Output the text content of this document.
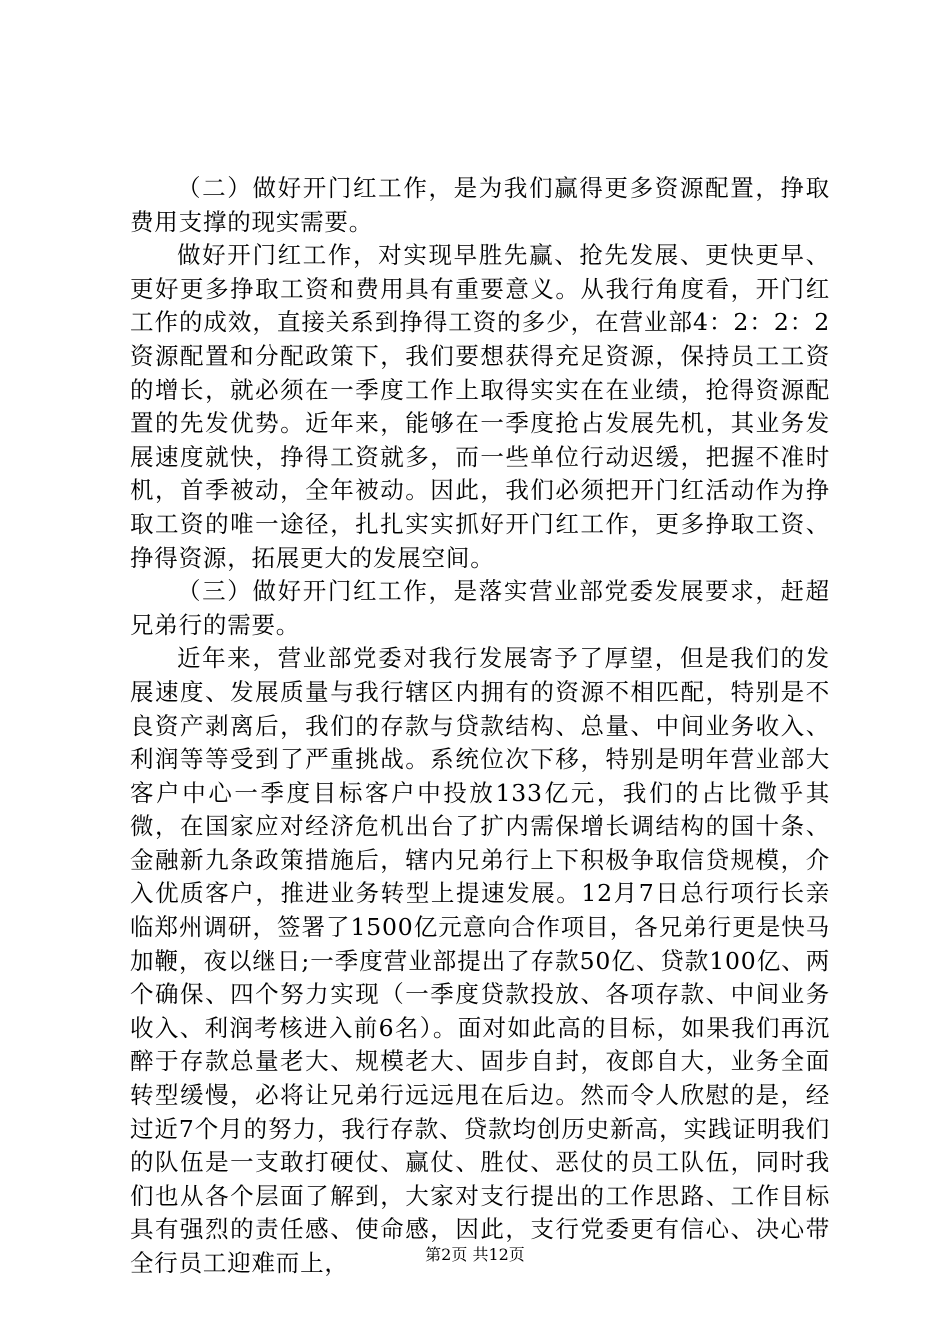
（二）做好开门红工作，是为我们赢得更多资源配置，挣取费用支撑的现实需要。

做好开门红工作，对实现早胜先赢、抢先发展、更快更早、更好更多挣取工资和费用具有重要意义。从我行角度看，开门红工作的成效，直接关系到挣得工资的多少，在营业部4：2：2：2资源配置和分配政策下，我们要想获得充足资源，保持员工工资的增长，就必须在一季度工作上取得实实在在业绩，抢得资源配置的先发优势。近年来，能够在一季度抢占发展先机，其业务发展速度就快，挣得工资就多，而一些单位行动迟缓，把握不准时机，首季被动，全年被动。因此，我们必须把开门红活动作为挣取工资的唯一途径，扎扎实实抓好开门红工作，更多挣取工资、挣得资源，拓展更大的发展空间。

（三）做好开门红工作，是落实营业部党委发展要求，赶超兄弟行的需要。

近年来，营业部党委对我行发展寄予了厚望，但是我们的发展速度、发展质量与我行辖区内拥有的资源不相匹配，特别是不良资产剥离后，我们的存款与贷款结构、总量、中间业务收入、利润等等受到了严重挑战。系统位次下移，特别是明年营业部大客户中心一季度目标客户中投放133亿元，我们的占比微乎其微，在国家应对经济危机出台了扩内需保增长调结构的国十条、金融新九条政策措施后，辖内兄弟行上下积极争取信贷规模，介入优质客户，推进业务转型上提速发展。12月7日总行项行长亲临郑州调研，签署了1500亿元意向合作项目，各兄弟行更是快马加鞭，夜以继日;一季度营业部提出了存款50亿、贷款100亿、两个确保、四个努力实现（一季度贷款投放、各项存款、中间业务收入、利润考核进入前6名）。面对如此高的目标，如果我们再沉醉于存款总量老大、规模老大、固步自封，夜郎自大，业务全面转型缓慢，必将让兄弟行远远甩在后边。然而令人欣慰的是，经过近7个月的努力，我行存款、贷款均创历史新高，实践证明我们的队伍是一支敢打硬仗、赢仗、胜仗、恶仗的员工队伍，同时我们也从各个层面了解到，大家对支行提出的工作思路、工作目标具有强烈的责任感、使命感，因此，支行党委更有信心、决心带全行员工迎难而上，	第2页 共12页
